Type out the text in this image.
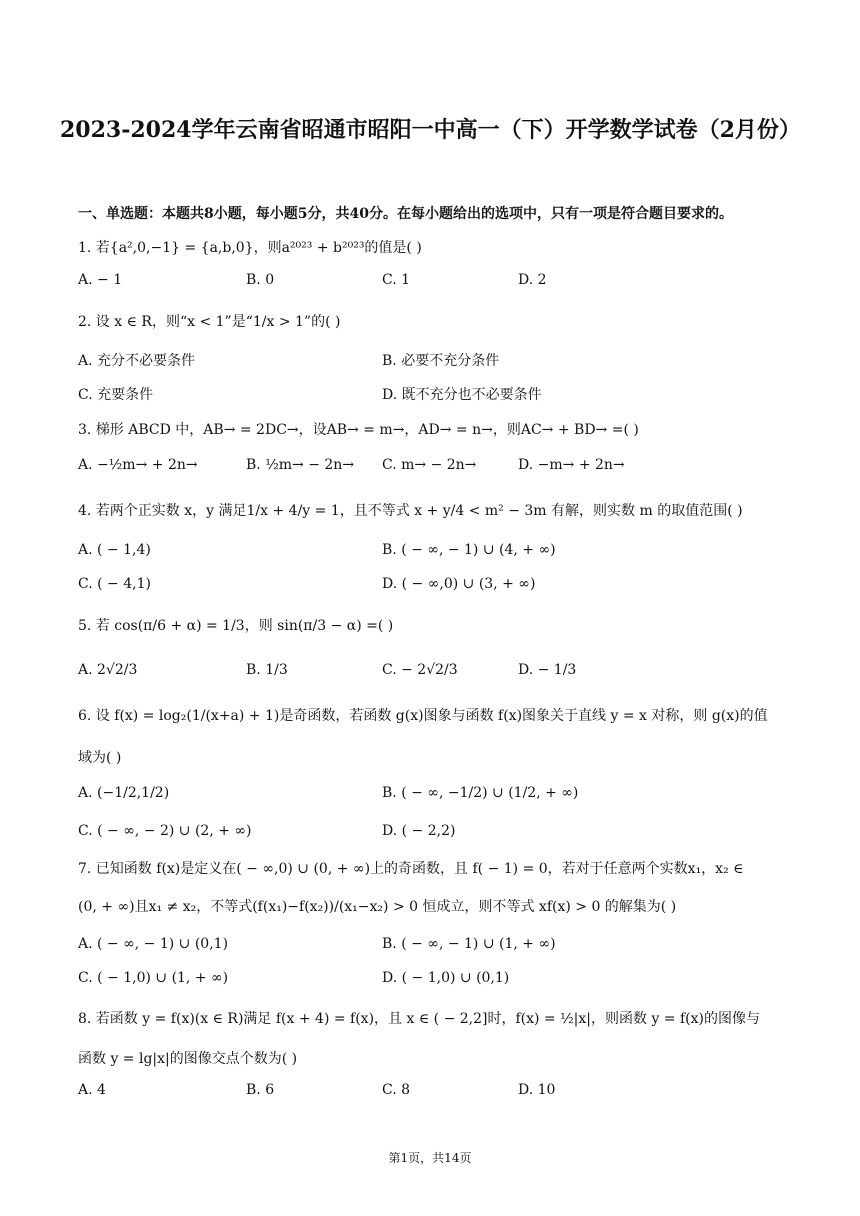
2023-2024学年云南省昭通市昭阳一中高一（下）开学数学试卷（2月份）
一、单选题：本题共8小题，每小题5分，共40分。在每小题给出的选项中，只有一项是符合题目要求的。
1. 若{a²,0,−1} = {a,b,0}，则a²⁰²³ + b²⁰²³的值是( )
A. − 1	B. 0	C. 1	D. 2
2. 设 x ∈ R，则“x < 1”是“1/x > 1”的( )
A. 充分不必要条件	B. 必要不充分条件
C. 充要条件	D. 既不充分也不必要条件
3. 梯形 ABCD 中，AB→ = 2DC→，设AB→ = m→，AD→ = n→，则AC→ + BD→ =( )
A. −½m→ + 2n→	B. ½m→ − 2n→ C. m→ − 2n→	D. −m→ + 2n→
4. 若两个正实数 x，y 满足1/x + 4/y = 1，且不等式 x + y/4 < m² − 3m 有解，则实数 m 的取值范围( )
A. ( − 1,4)	B. ( − ∞, − 1) ∪ (4, + ∞)
C. ( − 4,1)	D. ( − ∞,0) ∪ (3, + ∞)
5. 若 cos(π/6 + α) = 1/3，则 sin(π/3 − α) =( )
A. 2√2/3	B. 1/3	C. − 2√2/3	D. − 1/3
6. 设 f(x) = log₂(1/(x+a) + 1)是奇函数，若函数 g(x)图象与函数 f(x)图象关于直线 y = x 对称，则 g(x)的值
域为( )
A. (−1/2,1/2)	B. ( − ∞, −1/2) ∪ (1/2, + ∞)
C. ( − ∞, − 2) ∪ (2, + ∞)	D. ( − 2,2)
7. 已知函数 f(x)是定义在( − ∞,0) ∪ (0, + ∞)上的奇函数，且 f( − 1) = 0，若对于任意两个实数x₁，x₂ ∈
(0, + ∞)且x₁ ≠ x₂，不等式(f(x₁)−f(x₂))/(x₁−x₂) > 0 恒成立，则不等式 xf(x) > 0 的解集为( )
A. ( − ∞, − 1) ∪ (0,1)	B. ( − ∞, − 1) ∪ (1, + ∞)
C. ( − 1,0) ∪ (1, + ∞)	D. ( − 1,0) ∪ (0,1)
8. 若函数 y = f(x)(x ∈ R)满足 f(x + 4) = f(x)，且 x ∈ ( − 2,2]时，f(x) = ½|x|，则函数 y = f(x)的图像与
函数 y = lg|x|的图像交点个数为( )
A. 4	B. 6	C. 8	D. 10
第1页，共14页
